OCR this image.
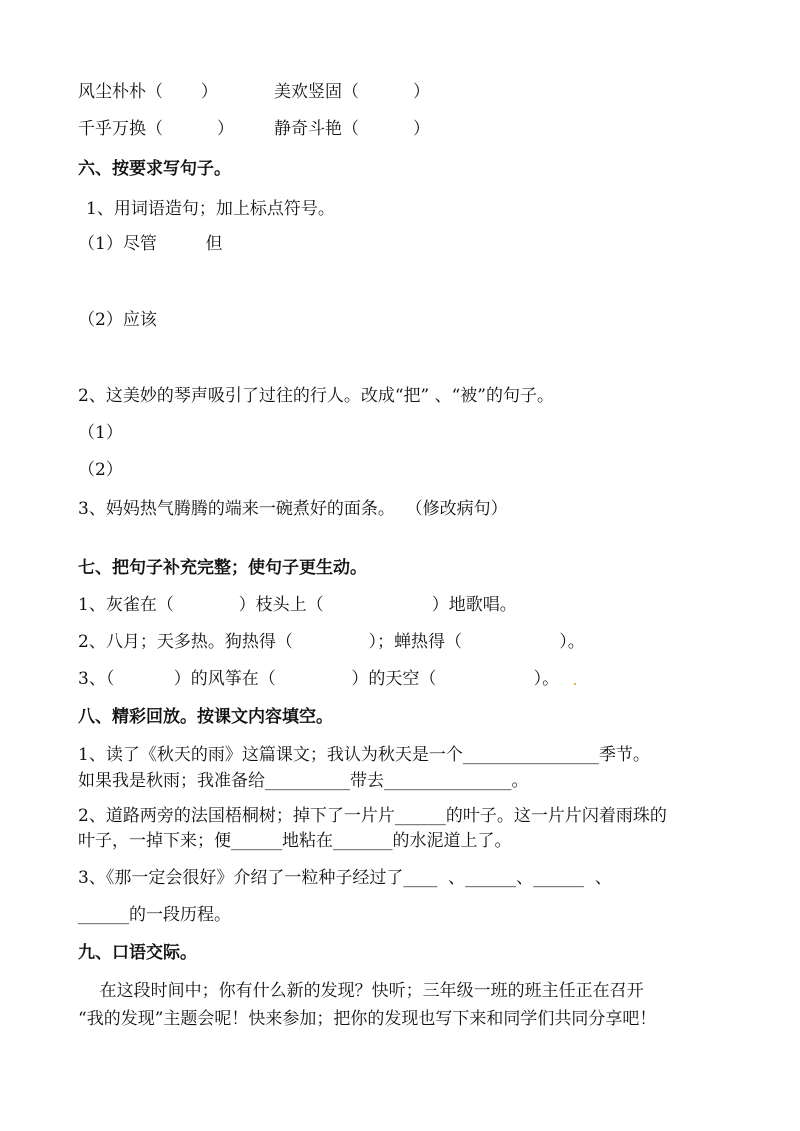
风尘朴朴（       ）	美欢竖固（          ）
千乎万换（          ） 静奇斗艳（          ）
六、按要求写句子。
1、用词语造句；加上标点符号。
（1）尽管         但
（2）应该
2、这美妙的琴声吸引了过往的行人。改成“把” 、“被”的句子。
（1）
（2）
3、妈妈热气腾腾的端来一碗煮好的面条。  （修改病句）
七、把句子补充完整；使句子更生动。
1、灰雀在（            ）枝头上（                    ）地歌唱。
2、八月；天多热。狗热得（              ）；蝉热得（                  ）。
3、（           ）的风筝在（              ）的天空（                  ）。
八、精彩回放。按课文内容填空。
1、读了《秋天的雨》这篇课文；我认为秋天是一个________________季节。
如果我是秋雨；我准备给__________带去_______________。
2、道路两旁的法国梧桐树；掉下了一片片______的叶子。这一片片闪着雨珠的
叶子，一掉下来；便______地粘在_______的水泥道上了。
3、《那一定会很好》介绍了一粒种子经过了____  、______、______  、
______的一段历程。
九、口语交际。
在这段时间中；你有什么新的发现？快听；三年级一班的班主任正在召开
“我的发现”主题会呢！快来参加；把你的发现也写下来和同学们共同分享吧！
